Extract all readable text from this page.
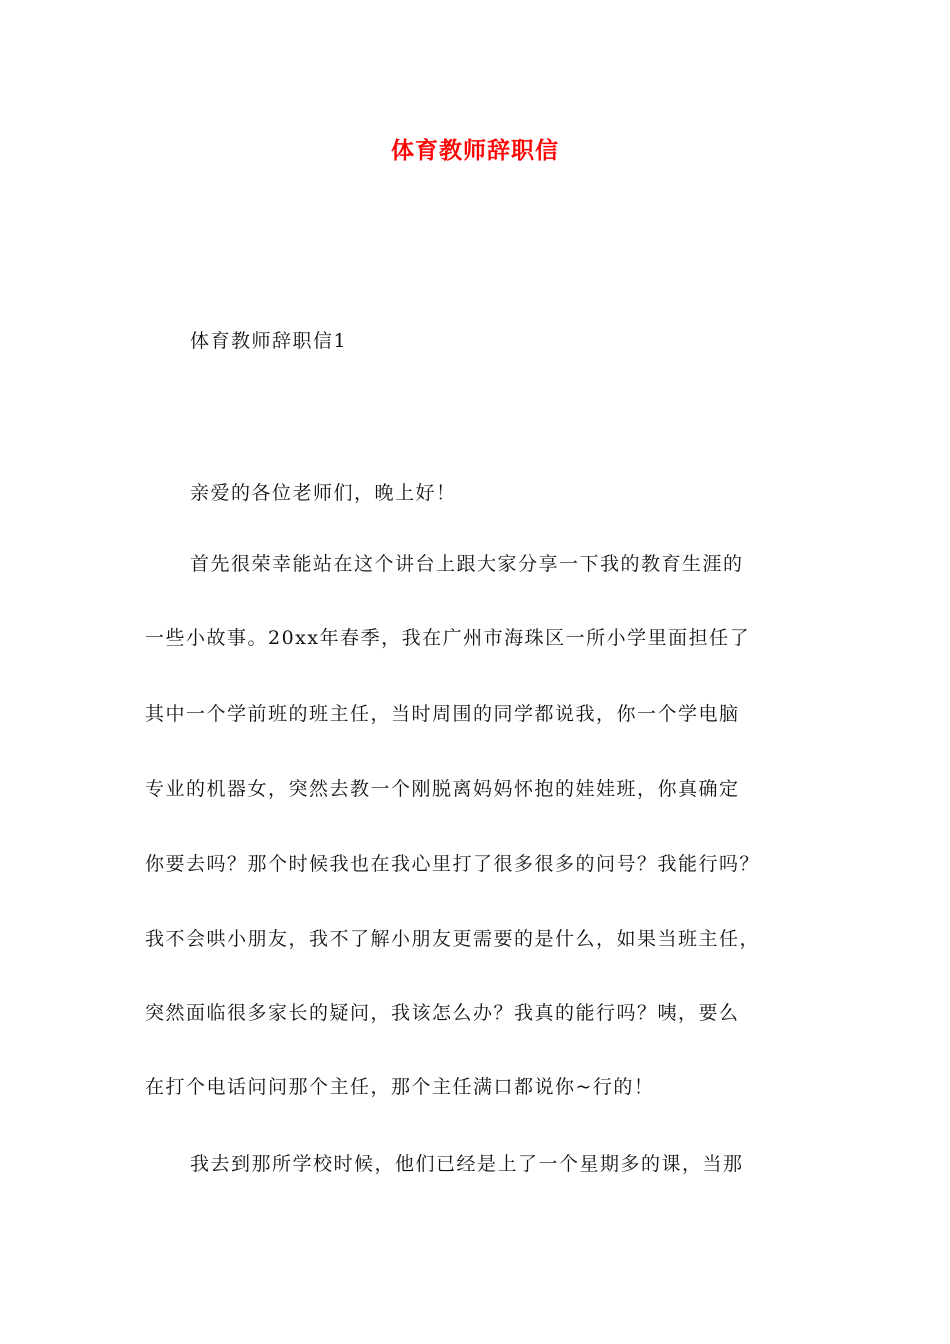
体育教师辞职信
体育教师辞职信1
亲爱的各位老师们，晚上好！
首先很荣幸能站在这个讲台上跟大家分享一下我的教育生涯的
一些小故事。20xx年春季，我在广州市海珠区一所小学里面担任了
其中一个学前班的班主任，当时周围的同学都说我，你一个学电脑
专业的机器女，突然去教一个刚脱离妈妈怀抱的娃娃班，你真确定
你要去吗？那个时候我也在我心里打了很多很多的问号？我能行吗？
我不会哄小朋友，我不了解小朋友更需要的是什么，如果当班主任，
突然面临很多家长的疑问，我该怎么办？我真的能行吗？咦，要么
在打个电话问问那个主任，那个主任满口都说你~行的！
我去到那所学校时候，他们已经是上了一个星期多的课，当那
